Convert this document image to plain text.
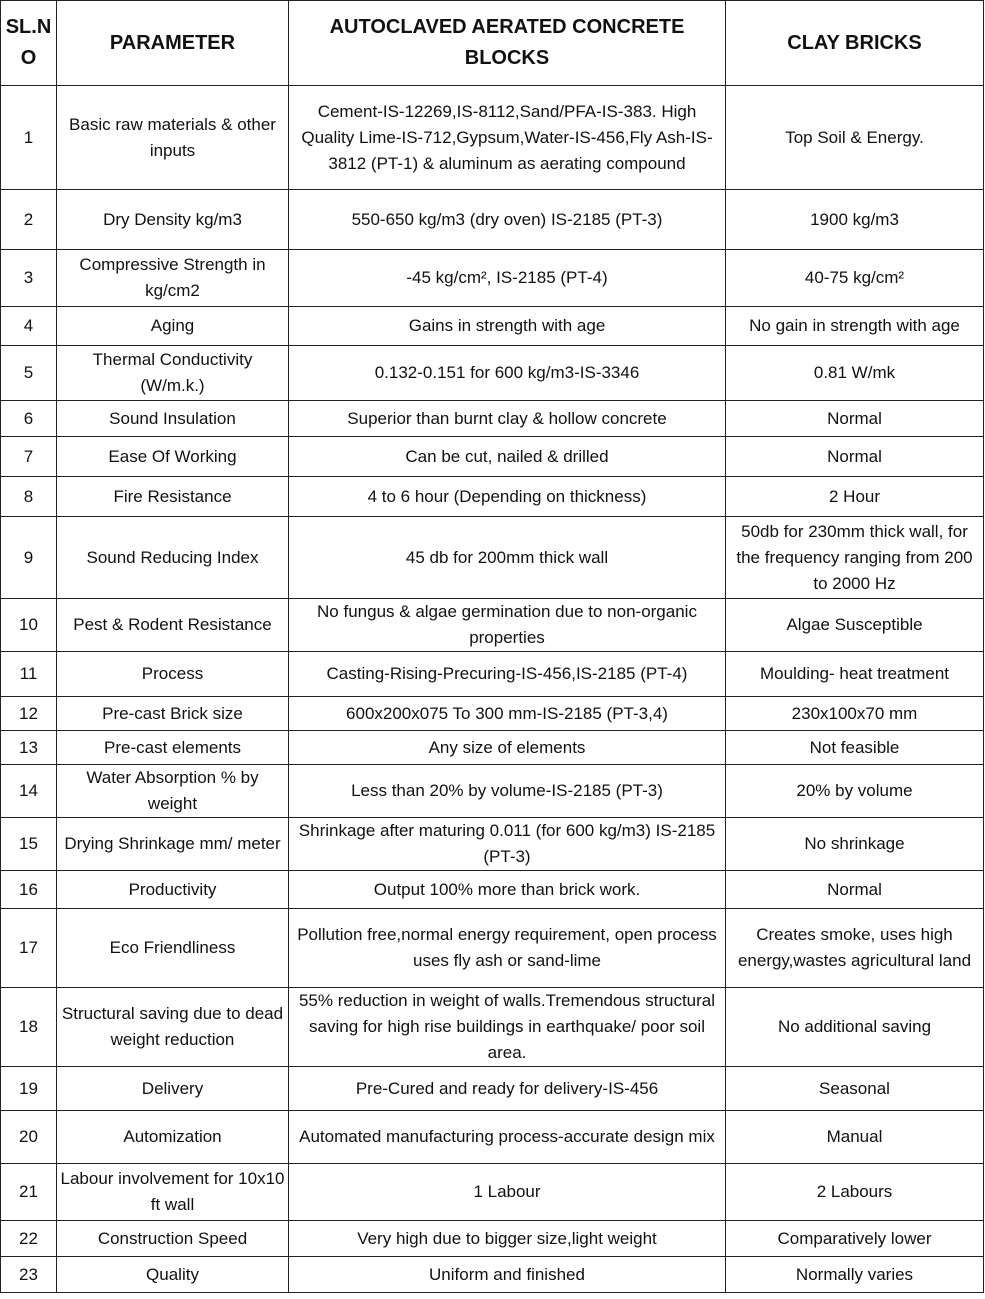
SL.NO	PARAMETER	AUTOCLAVED AERATED CONCRETE BLOCKS	CLAY BRICKS
1	Basic raw materials & other inputs	Cement-IS-12269,IS-8112,Sand/PFA-IS-383. High Quality Lime-IS-712,Gypsum,Water-IS-456,Fly Ash-IS-3812 (PT-1) & aluminum as aerating compound	Top Soil & Energy.
2	Dry Density kg/m3	550-650 kg/m3 (dry oven) IS-2185 (PT-3)	1900 kg/m3
3	Compressive Strength in kg/cm2	-45 kg/cm², IS-2185 (PT-4)	40-75 kg/cm²
4	Aging	Gains in strength with age	No gain in strength with age
5	Thermal Conductivity (W/m.k.)	0.132-0.151 for 600 kg/m3-IS-3346	0.81 W/mk
6	Sound Insulation	Superior than burnt clay & hollow concrete	Normal
7	Ease Of Working	Can be cut, nailed & drilled	Normal
8	Fire Resistance	4 to 6 hour (Depending on thickness)	2 Hour
9	Sound Reducing Index	45 db for 200mm thick wall	50db for 230mm thick wall, for the frequency ranging from 200 to 2000 Hz
10	Pest & Rodent Resistance	No fungus & algae germination due to non-organic properties	Algae Susceptible
11	Process	Casting-Rising-Precuring-IS-456,IS-2185 (PT-4)	Moulding- heat treatment
12	Pre-cast Brick size	600x200x075 To 300 mm-IS-2185 (PT-3,4)	230x100x70 mm
13	Pre-cast elements	Any size of elements	Not feasible
14	Water Absorption % by weight	Less than 20% by volume-IS-2185 (PT-3)	20% by volume
15	Drying Shrinkage mm/ meter	Shrinkage after maturing 0.011 (for 600 kg/m3) IS-2185 (PT-3)	No shrinkage
16	Productivity	Output 100% more than brick work.	Normal
17	Eco Friendliness	Pollution free,normal energy requirement, open process uses fly ash or sand-lime	Creates smoke, uses high energy,wastes agricultural land
18	Structural saving due to dead weight reduction	55% reduction in weight of walls.Tremendous structural saving for high rise buildings in earthquake/ poor soil area.	No additional saving
19	Delivery	Pre-Cured and ready for delivery-IS-456	Seasonal
20	Automization	Automated manufacturing process-accurate design mix	Manual
21	Labour involvement for 10x10 ft wall	1 Labour	2 Labours
22	Construction Speed	Very high due to bigger size,light weight	Comparatively lower
23	Quality	Uniform and finished	Normally varies
